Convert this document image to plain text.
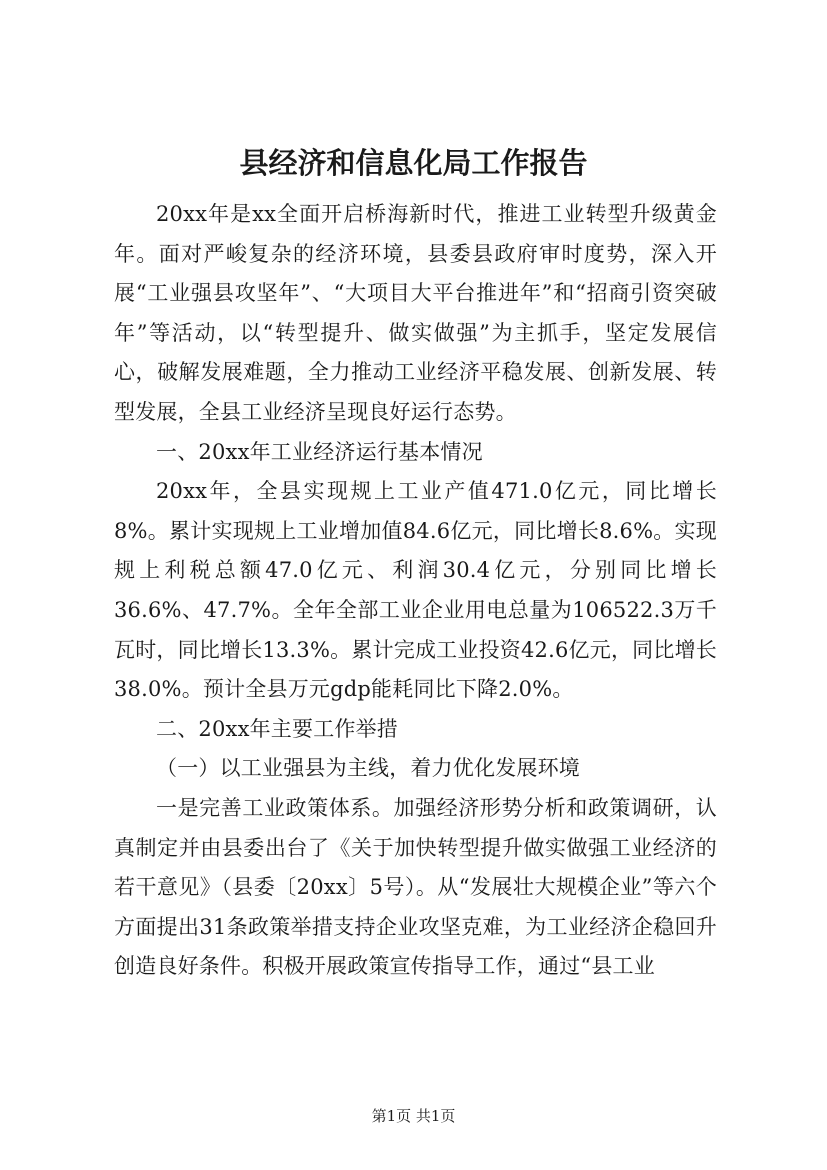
县经济和信息化局工作报告

20xx年是xx全面开启桥海新时代，推进工业转型升级黄金年。面对严峻复杂的经济环境，县委县政府审时度势，深入开展“工业强县攻坚年”、“大项目大平台推进年”和“招商引资突破年”等活动，以“转型提升、做实做强”为主抓手，坚定发展信心，破解发展难题，全力推动工业经济平稳发展、创新发展、转型发展，全县工业经济呈现良好运行态势。

一、20xx年工业经济运行基本情况

20xx年，全县实现规上工业产值471.0亿元，同比增长8%。累计实现规上工业增加值84.6亿元，同比增长8.6%。实现规上利税总额47.0亿元、利润30.4亿元，分别同比增长36.6%、47.7%。全年全部工业企业用电总量为106522.3万千瓦时，同比增长13.3%。累计完成工业投资42.6亿元，同比增长38.0%。预计全县万元gdp能耗同比下降2.0%。

二、20xx年主要工作举措

（一）以工业强县为主线，着力优化发展环境

一是完善工业政策体系。加强经济形势分析和政策调研，认真制定并由县委出台了《关于加快转型提升做实做强工业经济的若干意见》（县委〔20xx〕5号）。从“发展壮大规模企业”等六个方面提出31条政策举措支持企业攻坚克难，为工业经济企稳回升创造良好条件。积极开展政策宣传指导工作，通过“县工业

第1页 共1页
